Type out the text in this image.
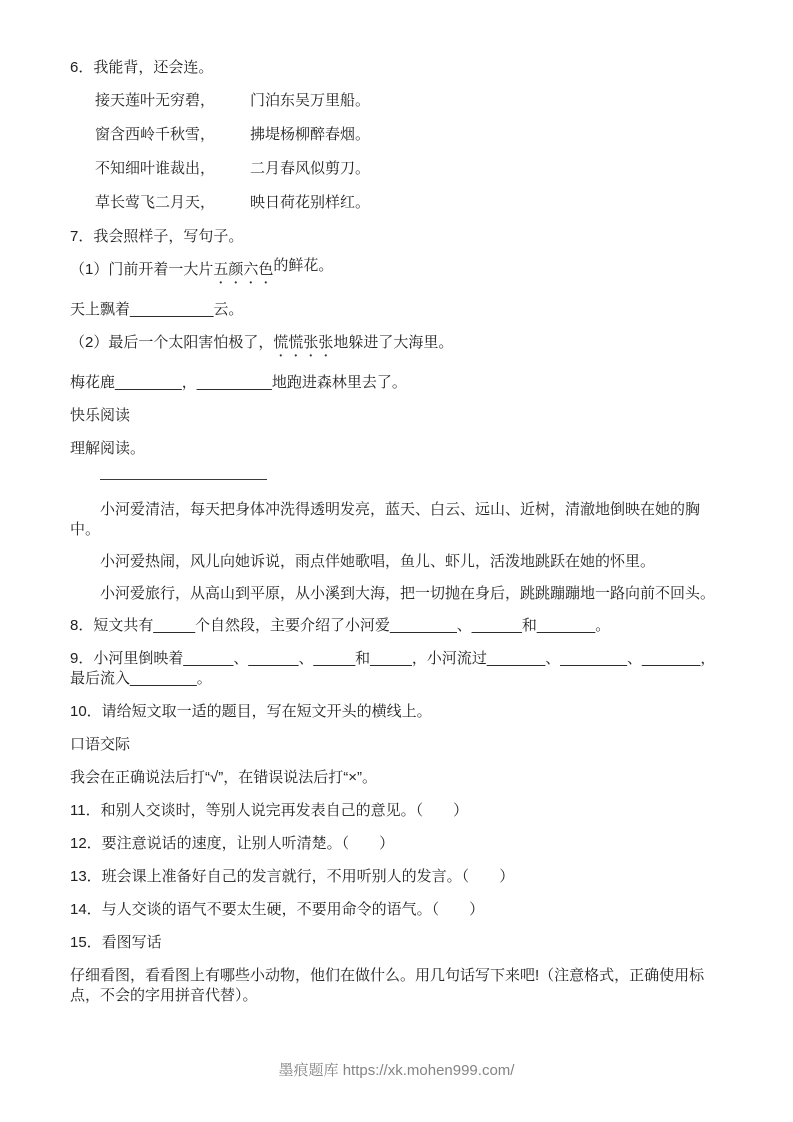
6．我能背，还会连。

接天莲叶无穷碧，	门泊东吴万里船。
窗含西岭千秋雪，	拂堤杨柳醉春烟。
不知细叶谁裁出，	二月春风似剪刀。
草长莺飞二月天，	映日荷花别样红。

7．我会照样子，写句子。

（1）门前开着一大片五颜六色的鲜花。

天上飘着__________云。

（2）最后一个太阳害怕极了，慌慌张张地躲进了大海里。

梅花鹿________，_________地跑进森林里去了。

快乐阅读

理解阅读。

小河爱清洁，每天把身体冲洗得透明发亮，蓝天、白云、远山、近树，清澈地倒映在她的胸中。

小河爱热闹，风儿向她诉说，雨点伴她歌唱，鱼儿、虾儿，活泼地跳跃在她的怀里。

小河爱旅行，从高山到平原，从小溪到大海，把一切抛在身后，跳跳蹦蹦地一路向前不回头。

8．短文共有_____个自然段，主要介绍了小河爱________、______和_______。

9．小河里倒映着______、______、_____和_____，小河流过_______、________、_______，最后流入________。

10．请给短文取一适的题目，写在短文开头的横线上。

口语交际

我会在正确说法后打“√”，在错误说法后打“×”。

11．和别人交谈时，等别人说完再发表自己的意见。（　　）

12．要注意说话的速度，让别人听清楚。（　　）

13．班会课上准备好自己的发言就行，不用听别人的发言。（　　）

14．与人交谈的语气不要太生硬，不要用命令的语气。（　　）

15．看图写话

仔细看图，看看图上有哪些小动物，他们在做什么。用几句话写下来吧!（注意格式，正确使用标点，不会的字用拼音代替）。

墨痕题库 https://xk.mohen999.com/
